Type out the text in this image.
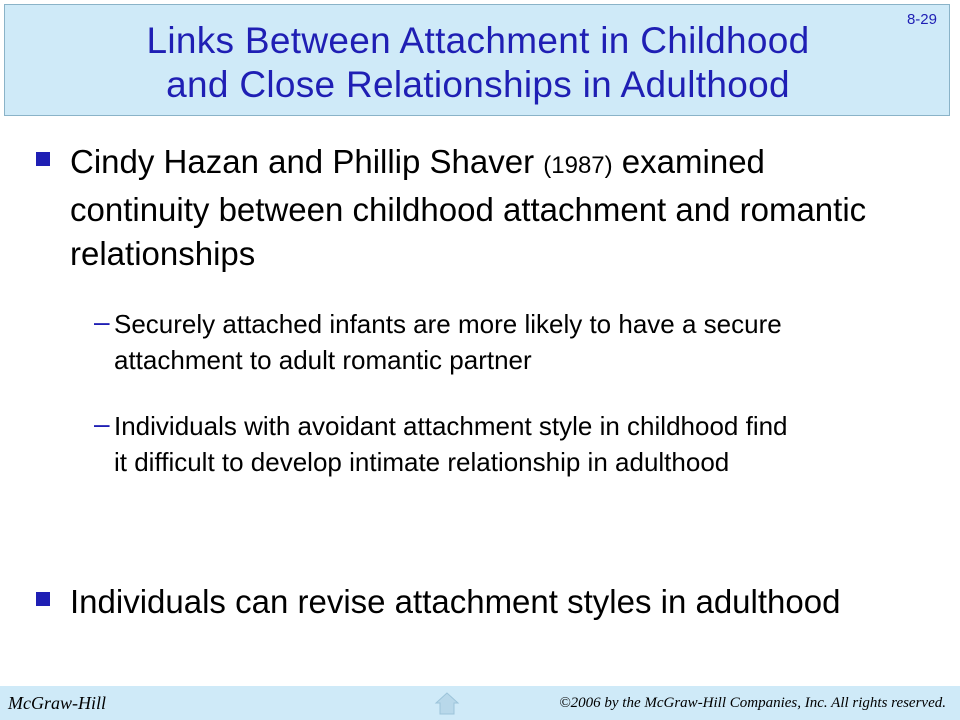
Links Between Attachment in Childhood
and Close Relationships in Adulthood
8-29
Cindy Hazan and Phillip Shaver (1987) examined
continuity between childhood attachment and romantic
relationships
– Securely attached infants are more likely to have a secure
attachment to adult romantic partner
– Individuals with avoidant attachment style in childhood find
it difficult to develop intimate relationship in adulthood
Individuals can revise attachment styles in adulthood
McGraw-Hill	©2006 by the McGraw-Hill Companies, Inc. All rights reserved.
